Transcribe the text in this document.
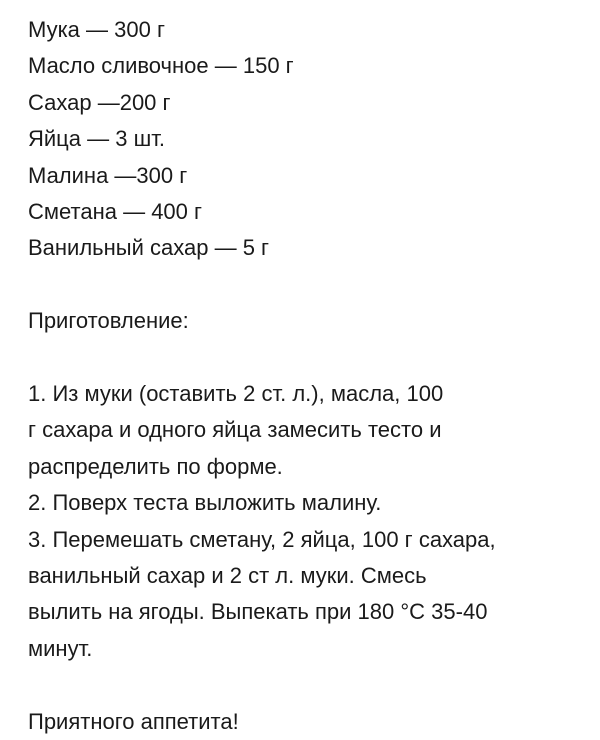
Мука — 300 г
Масло сливочное — 150 г
Сахар —200 г
Яйца — 3 шт.
Малина —300 г
Сметана — 400 г
Ванильный сахар — 5 г
Приготовление:
1. Из муки (оставить 2 ст. л.), масла, 100
г сахара и одного яйца замесить тесто и
распределить по форме.
2. Поверх теста выложить малину.
3. Перемешать сметану, 2 яйца, 100 г сахара,
ванильный сахар и 2 ст л. муки. Смесь
вылить на ягоды. Выпекать при 180 °С 35-40
минут.
Приятного аппетита!
